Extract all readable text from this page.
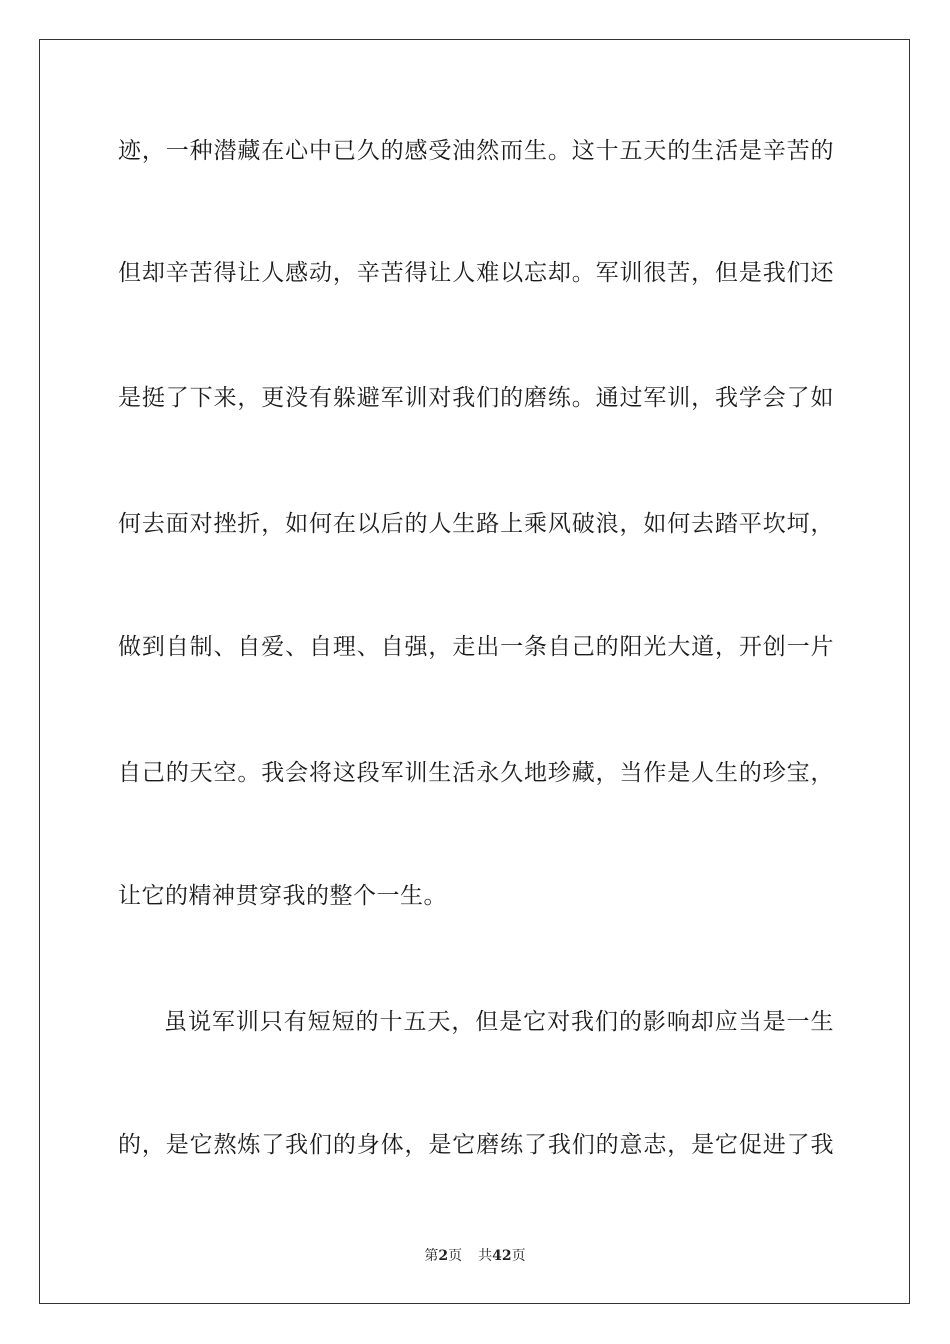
迹，一种潜藏在心中已久的感受油然而生。这十五天的生活是辛苦的
但却辛苦得让人感动，辛苦得让人难以忘却。军训很苦，但是我们还
是挺了下来，更没有躲避军训对我们的磨练。通过军训，我学会了如
何去面对挫折，如何在以后的人生路上乘风破浪，如何去踏平坎坷，
做到自制、自爱、自理、自强，走出一条自己的阳光大道，开创一片
自己的天空。我会将这段军训生活永久地珍藏，当作是人生的珍宝，
让它的精神贯穿我的整个一生。
虽说军训只有短短的十五天，但是它对我们的影响却应当是一生
的，是它熬炼了我们的身体，是它磨练了我们的意志，是它促进了我
第2页 共42页
